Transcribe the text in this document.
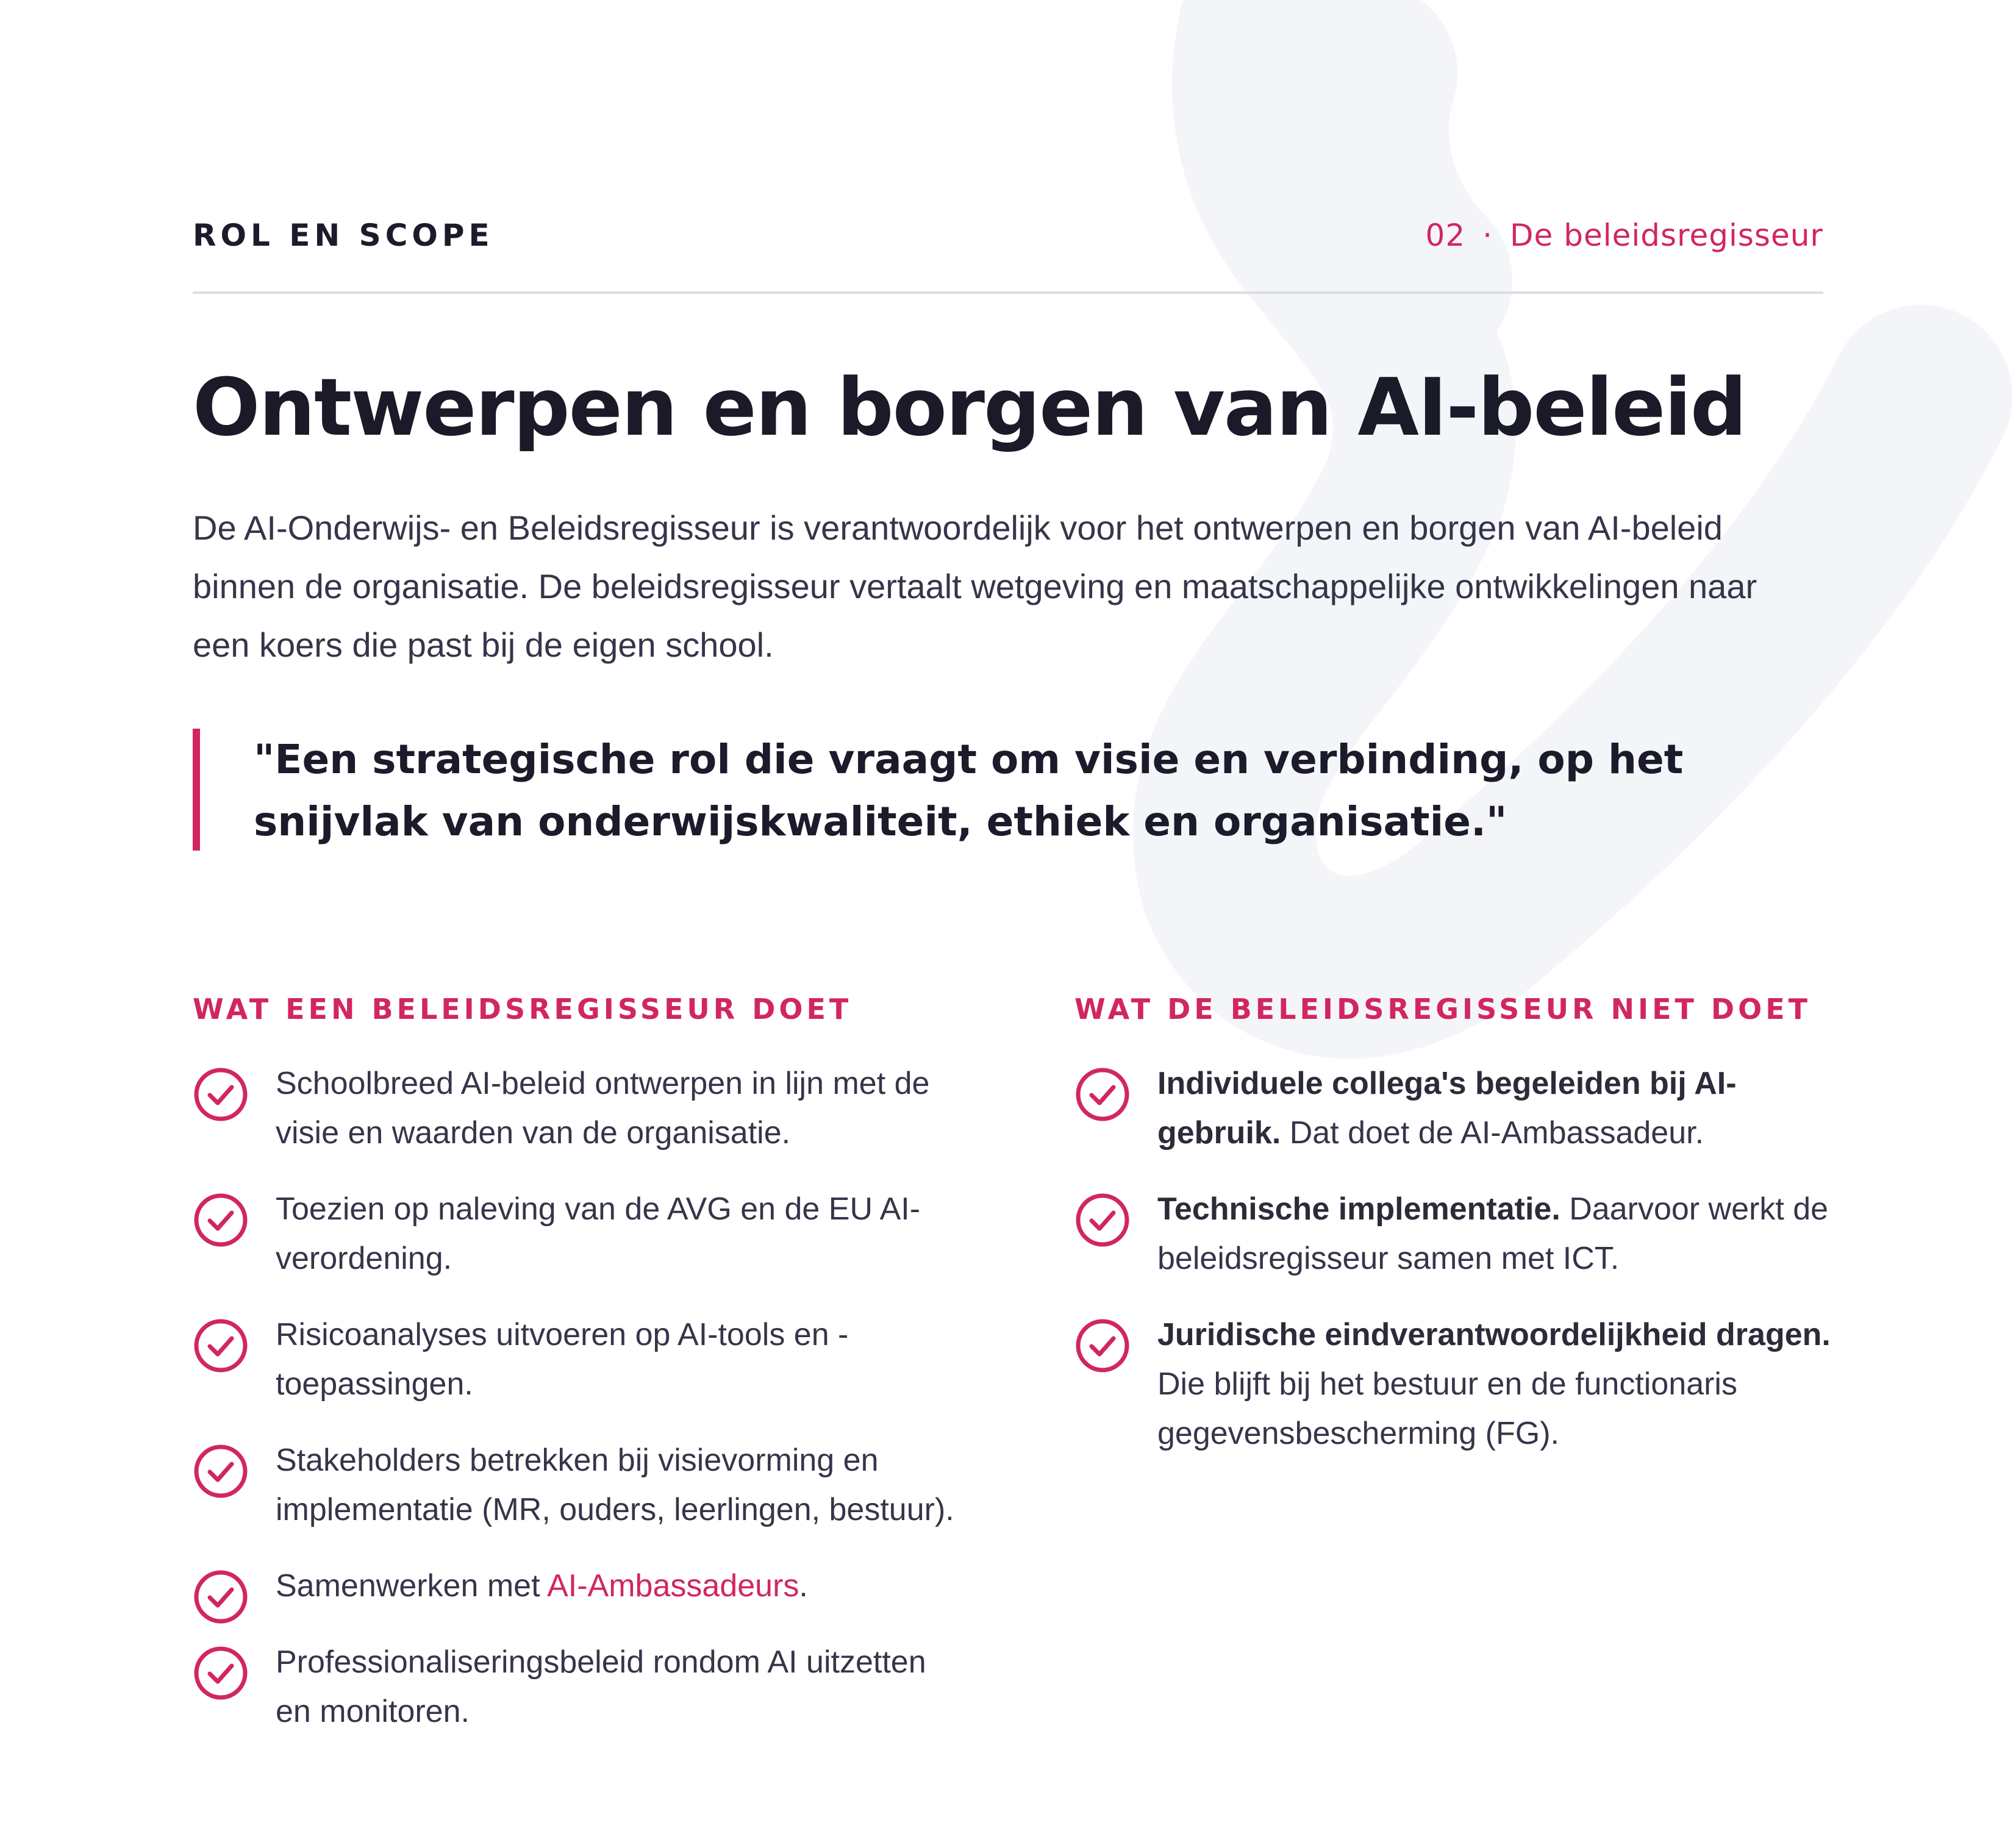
ROL EN SCOPE	02 · De beleidsregisseur
Ontwerpen en borgen van AI-beleid

De AI-Onderwijs- en Beleidsregisseur is verantwoordelijk voor het ontwerpen en borgen van AI-beleid binnen de organisatie. De beleidsregisseur vertaalt wetgeving en maatschappelijke ontwikkelingen naar een koers die past bij de eigen school.

"Een strategische rol die vraagt om visie en verbinding, op het snijvlak van onderwijskwaliteit, ethiek en organisatie."

WAT EEN BELEIDSREGISSEUR DOET
Schoolbreed AI-beleid ontwerpen in lijn met de visie en waarden van de organisatie.
Toezien op naleving van de AVG en de EU AI-verordening.
Risicoanalyses uitvoeren op AI-tools en -toepassingen.
Stakeholders betrekken bij visievorming en implementatie (MR, ouders, leerlingen, bestuur).
Samenwerken met AI-Ambassadeurs.
Professionaliseringsbeleid rondom AI uitzetten en monitoren.
WAT DE BELEIDSREGISSEUR NIET DOET
Individuele collega's begeleiden bij AI-gebruik. Dat doet de AI-Ambassadeur.
Technische implementatie. Daarvoor werkt de beleidsregisseur samen met ICT.
Juridische eindverantwoordelijkheid dragen. Die blijft bij het bestuur en de functionaris gegevensbescherming (FG).
